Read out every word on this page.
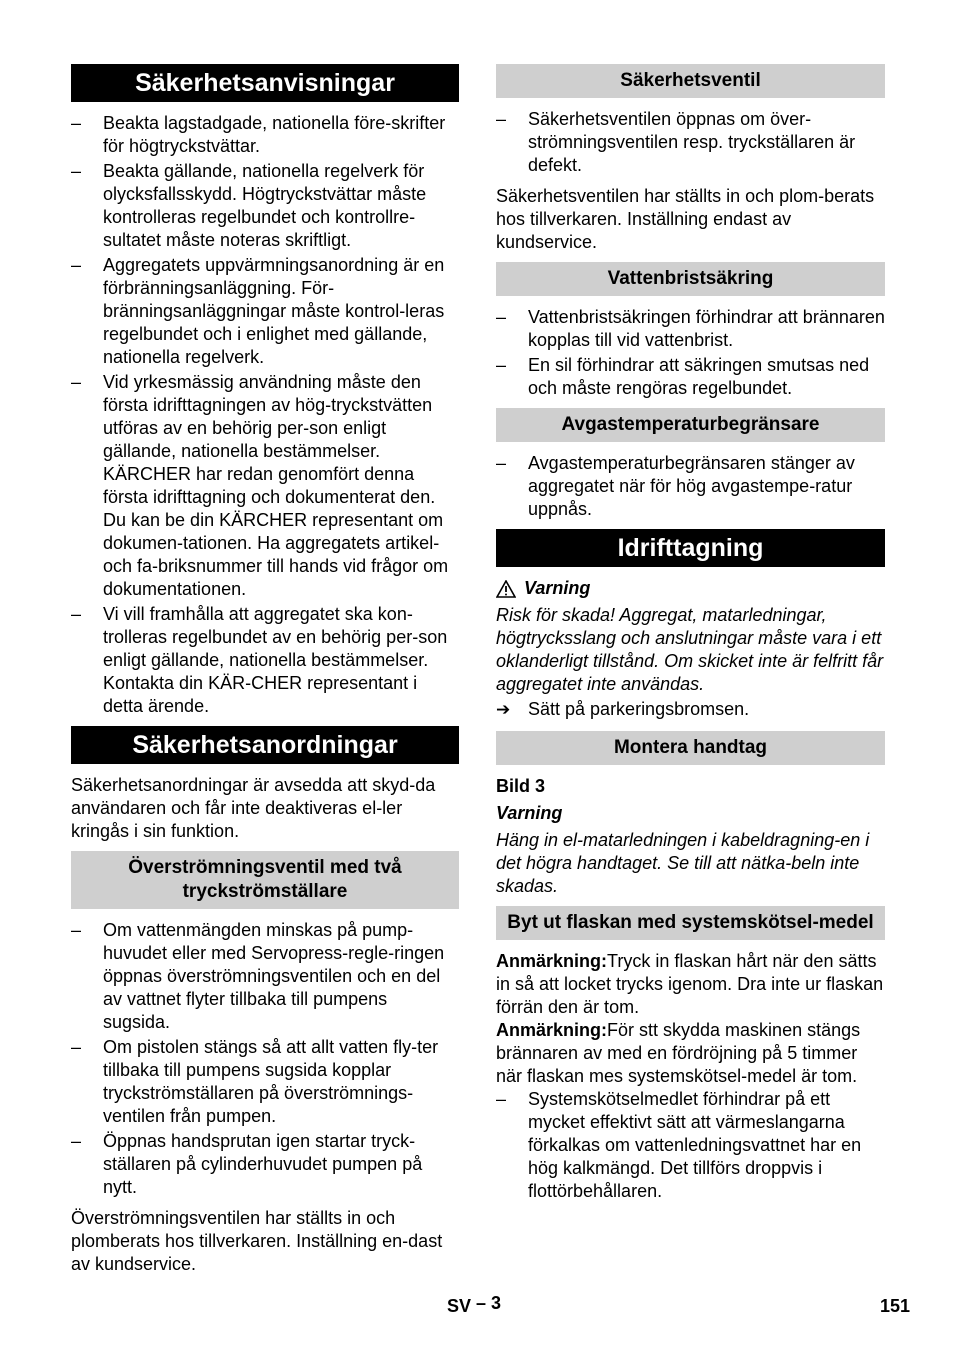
Säkerhetsanvisningar
– Beakta lagstadgade, nationella före-skrifter för högtryckstvättar.
– Beakta gällande, nationella regelverk för olycksfallsskydd. Högtryckstvättar måste kontrolleras regelbundet och kontrollre-sultatet måste noteras skriftligt.
– Aggregatets uppvärmningsanordning är en förbränningsanläggning. För-bränningsanläggningar måste kontrol-leras regelbundet och i enlighet med gällande, nationella regelverk.
– Vid yrkesmässig användning måste den första idrifttagningen av hög-tryckstvätten utföras av en behörig per-son enligt gällande, nationella bestämmelser. KÄRCHER har redan genomfört denna första idrifttagning och dokumenterat den. Du kan be din KÄRCHER representant om dokumen-tationen. Ha aggregatets artikel- och fa-briksnummer till hands vid frågor om dokumentationen.
– Vi vill framhålla att aggregatet ska kon-trolleras regelbundet av en behörig per-son enligt gällande, nationella bestämmelser. Kontakta din KÄR-CHER representant i detta ärende.
Säkerhetsanordningar

Säkerhetsanordningar är avsedda att skyd-da användaren och får inte deaktiveras el-ler kringås i sin funktion.

Överströmningsventil med två tryckströmställare
– Om vattenmängden minskas på pump-huvudet eller med Servopress-regle-ringen öppnas överströmningsventilen och en del av vattnet flyter tillbaka till pumpens sugsida.
– Om pistolen stängs så att allt vatten fly-ter tillbaka till pumpens sugsida kopplar tryckströmställaren på överströmnings-ventilen från pumpen.
– Öppnas handsprutan igen startar tryck-ställaren på cylinderhuvudet pumpen på nytt.

Överströmningsventilen har ställts in och plomberats hos tillverkaren. Inställning en-dast av kundservice.

Säkerhetsventil
– Säkerhetsventilen öppnas om över-strömningsventilen resp. tryckställaren är defekt.

Säkerhetsventilen har ställts in och plom-berats hos tillverkaren. Inställning endast av kundservice.

Vattenbristsäkring
– Vattenbristsäkringen förhindrar att brännaren kopplas till vid vattenbrist.
– En sil förhindrar att säkringen smutsas ned och måste rengöras regelbundet.
Avgastemperaturbegränsare
– Avgastemperaturbegränsaren stänger av aggregatet när för hög avgastempe-ratur uppnås.
Idrifttagning
Varning

Risk för skada! Aggregat, matarledningar, högtrycksslang och anslutningar måste vara i ett oklanderligt tillstånd. Om skicket inte är felfritt får aggregatet inte användas.

➔ Sätt på parkeringsbromsen.
Montera handtag

Bild 3

Varning

Häng in el-matarledningen i kabeldragning-en i det högra handtaget. Se till att nätka-beln inte skadas.

Byt ut flaskan med systemskötsel-medel

Anmärkning:Tryck in flaskan hårt när den sätts in så att locket trycks igenom. Dra inte ur flaskan förrän den är tom.

Anmärkning:För stt skydda maskinen stängs brännaren av med en fördröjning på 5 timmer när flaskan mes systemskötsel-medel är tom.

– Systemskötselmedlet förhindrar på ett mycket effektivt sätt att värmeslangarna förkalkas om vattenledningsvattnet har en hög kalkmängd. Det tillförs droppvis i flottörbehållaren.
SV – 3	151
